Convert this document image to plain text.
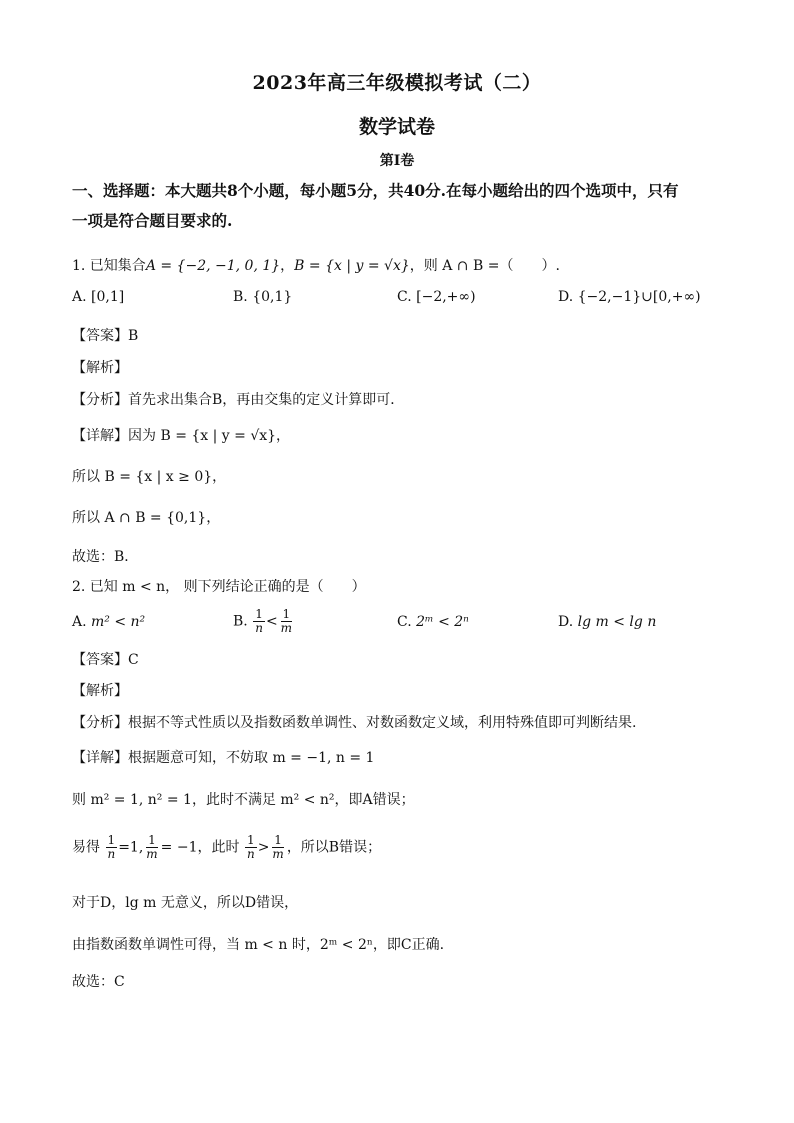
2023年高三年级模拟考试（二）
数学试卷
第I卷
一、选择题：本大题共8个小题，每小题5分，共40分.在每小题给出的四个选项中，只有
一项是符合题目要求的.
1. 已知集合A = {−2, −1, 0, 1}，B = {x | y = √x}，则 A ∩ B =（　　）.
A. [0,1]	B. {0,1}	C. [−2,+∞)	D. {−2,−1}∪[0,+∞)
【答案】B
【解析】
【分析】首先求出集合B，再由交集的定义计算即可．
【详解】因为 B = {x | y = √x}，
所以 B = {x | x ≥ 0}，
所以 A ∩ B = {0,1}，
故选：B．
2. 已知 m < n， 则下列结论正确的是（　　）
A. m² < n²	B. $\frac{1}{n} < \frac{1}{m}$	C. 2ᵐ < 2ⁿ	D. lg m < lg n
【答案】C
【解析】
【分析】根据不等式性质以及指数函数单调性、对数函数定义域，利用特殊值即可判断结果.
【详解】根据题意可知，不妨取 m = −1, n = 1
则 m² = 1, n² = 1，此时不满足 m² < n²，即A错误；
易得 $\frac{1}{n} =1$, $\frac{1}{m} = -1$，此时 $\frac{1}{n} > \frac{1}{m}$ ，所以B错误；
对于D，lg m 无意义，所以D错误，
由指数函数单调性可得，当 m < n 时，2ᵐ < 2ⁿ，即C正确.
故选：C
